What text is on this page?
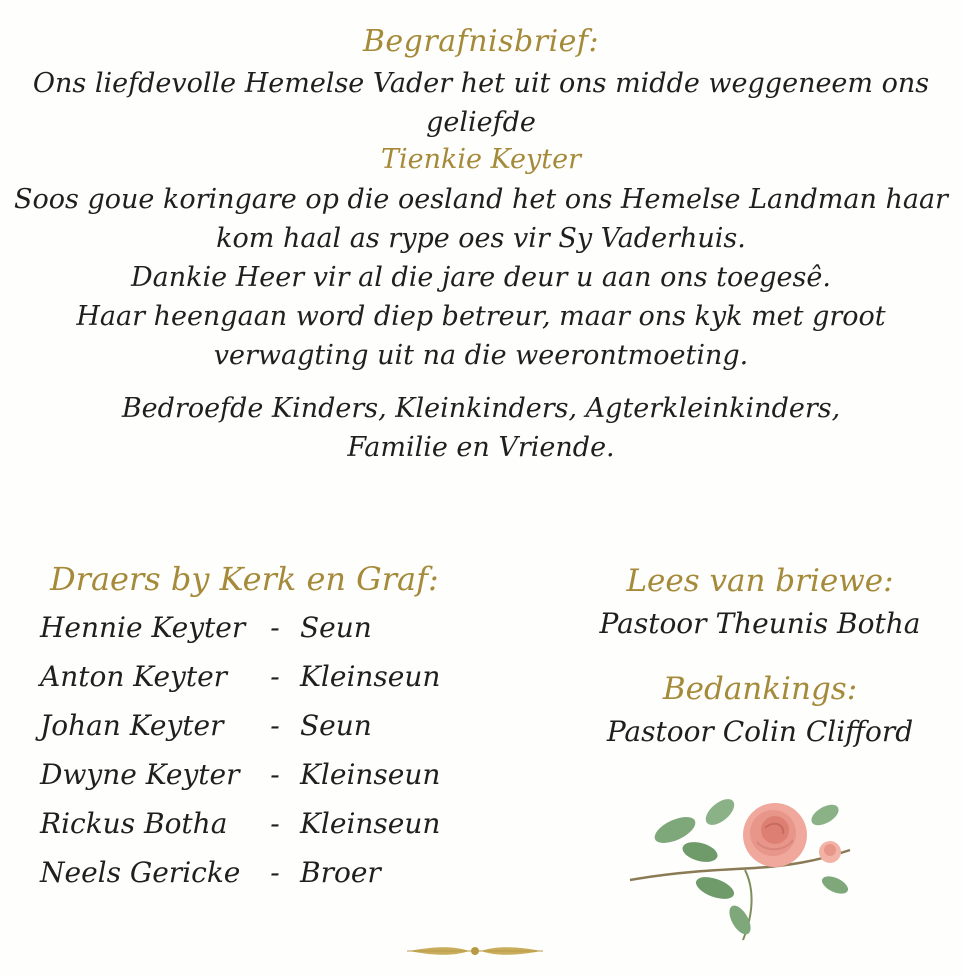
Begrafnisbrief:
Ons liefdevolle Hemelse Vader het uit ons midde weggeneem ons geliefde
Tienkie Keyter
Soos goue koringare op die oesland het ons Hemelse Landman haar
kom haal as rype oes vir Sy Vaderhuis.
Dankie Heer vir al die jare deur u aan ons toegesê.
Haar heengaan word diep betreur, maar ons kyk met groot
verwagting uit na die weerontmoeting.
Bedroefde Kinders, Kleinkinders, Agterkleinkinders,
Familie en Vriende.
Draers by Kerk en Graf:
Hennie Keyter - Seun
Anton Keyter	- Kleinseun
Johan Keyter	- Seun
Dwyne Keyter	- Kleinseun
Rickus Botha	- Kleinseun
Neels Gericke	- Broer
Lees van briewe:
Pastoor Theunis Botha
Bedankings:
Pastoor Colin Clifford
